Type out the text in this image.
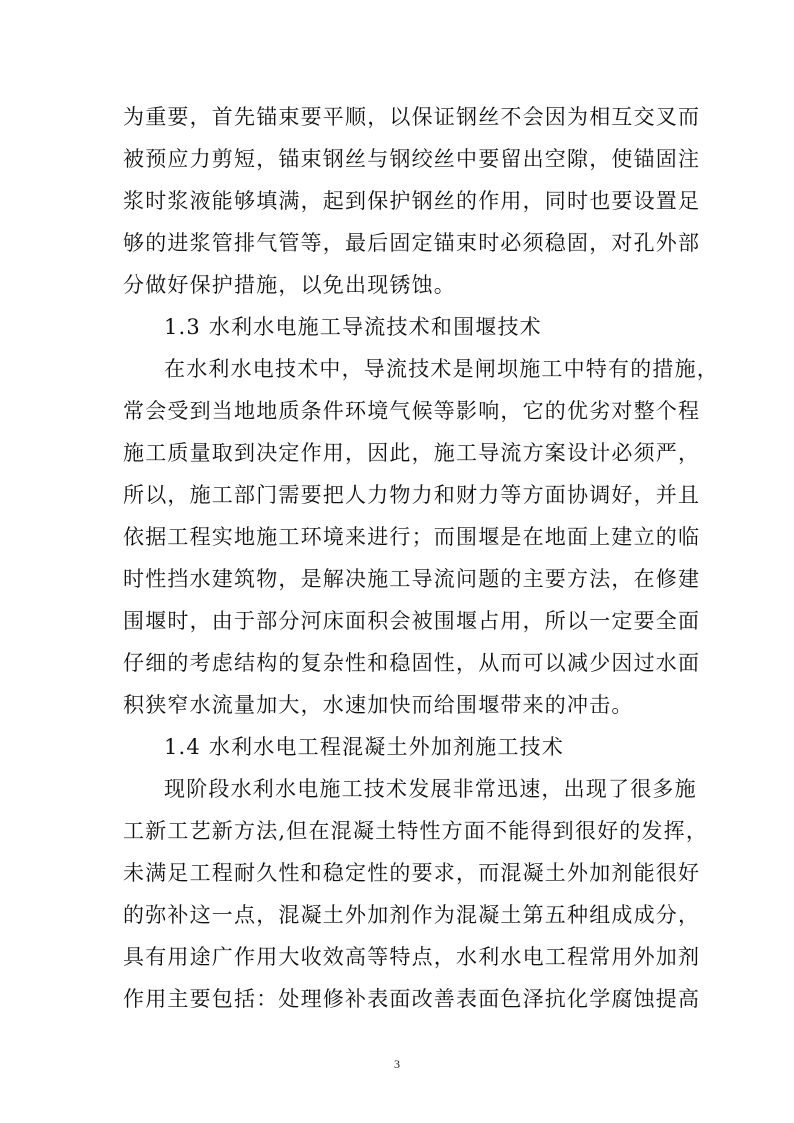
为重要，首先锚束要平顺，以保证钢丝不会因为相互交叉而
被预应力剪短，锚束钢丝与钢绞丝中要留出空隙，使锚固注
浆时浆液能够填满，起到保护钢丝的作用，同时也要设置足
够的进浆管排气管等，最后固定锚束时必须稳固，对孔外部
分做好保护措施，以免出现锈蚀。
1.3 水利水电施工导流技术和围堰技术
在水利水电技术中，导流技术是闸坝施工中特有的措施，
常会受到当地地质条件环境气候等影响，它的优劣对整个程
施工质量取到决定作用，因此，施工导流方案设计必须严，
所以，施工部门需要把人力物力和财力等方面协调好，并且
依据工程实地施工环境来进行；而围堰是在地面上建立的临
时性挡水建筑物，是解决施工导流问题的主要方法，在修建
围堰时，由于部分河床面积会被围堰占用，所以一定要全面
仔细的考虑结构的复杂性和稳固性，从而可以减少因过水面
积狭窄水流量加大，水速加快而给围堰带来的冲击。
1.4 水利水电工程混凝土外加剂施工技术
现阶段水利水电施工技术发展非常迅速，出现了很多施
工新工艺新方法,但在混凝土特性方面不能得到很好的发挥，
未满足工程耐久性和稳定性的要求，而混凝土外加剂能很好
的弥补这一点，混凝土外加剂作为混凝土第五种组成成分，
具有用途广作用大收效高等特点，水利水电工程常用外加剂
作用主要包括：处理修补表面改善表面色泽抗化学腐蚀提高
3
